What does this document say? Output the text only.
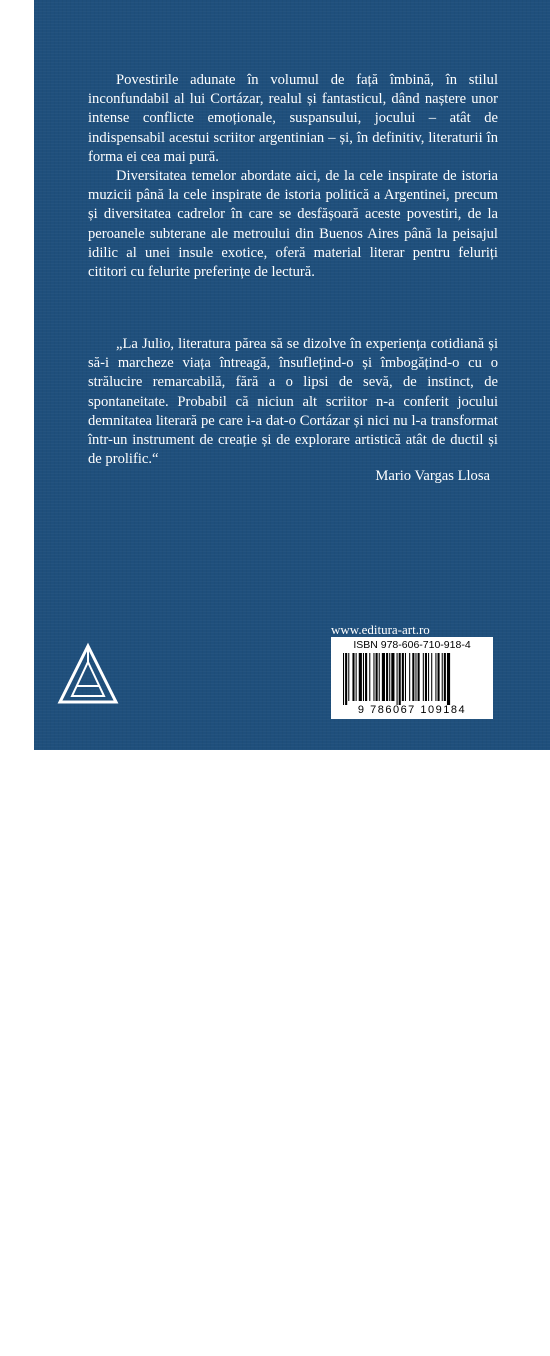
Povestirile adunate în volumul de față îmbină, în stilul inconfundabil al lui Cortázar, realul și fantasticul, dând naștere unor intense conflicte emoționale, suspansului, jocului – atât de indispensabil acestui scriitor argentinian – și, în definitiv, literaturii în forma ei cea mai pură.

Diversitatea temelor abordate aici, de la cele inspirate de istoria muzicii până la cele inspirate de istoria politică a Argentinei, precum și diversitatea cadrelor în care se desfășoară aceste povestiri, de la peroanele subterane ale metroului din Buenos Aires până la peisajul idilic al unei insule exotice, oferă material literar pentru feluriți cititori cu felurite preferințe de lectură.

„La Julio, literatura părea să se dizolve în experiența cotidiană și să-i marcheze viața întreagă, însuflețind-o și îmbogățind-o cu o strălucire remarcabilă, fără a o lipsi de sevă, de instinct, de spontaneitate. Probabil că niciun alt scriitor n-a conferit jocului demnitatea literară pe care i-a dat-o Cortázar și nici nu l-a transformat într-un instrument de creație și de explorare artistică atât de ductil și de prolific.“

Mario Vargas Llosa
EDITURA
ART
www.editura-art.ro
ISBN 978-606-710-918-4
9 786067 109184
